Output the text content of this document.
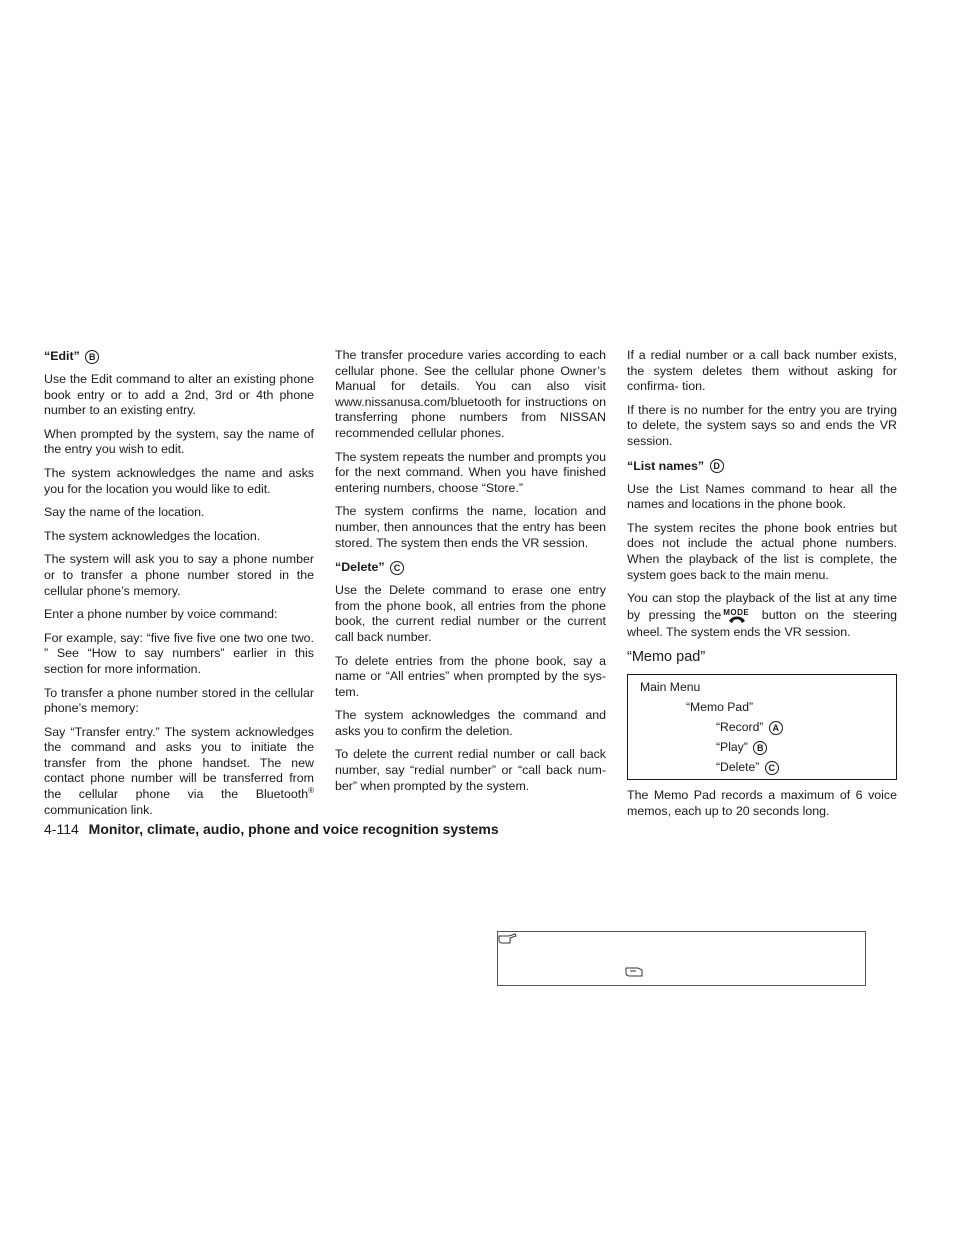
“Edit” B

Use the Edit command to alter an existing phone book entry or to add a 2nd, 3rd or 4th phone number to an existing entry.

When prompted by the system, say the name of the entry you wish to edit.

The system acknowledges the name and asks you for the location you would like to edit.

Say the name of the location.

The system acknowledges the location.

The system will ask you to say a phone number or to transfer a phone number stored in the cellular phone’s memory.

Enter a phone number by voice command:

For example, say: “five five five one two one two. ” See “How to say numbers” earlier in this section for more information.

To transfer a phone number stored in the cellular phone’s memory:

Say “Transfer entry.” The system acknowledges the command and asks you to initiate the transfer from the phone handset. The new contact phone number will be transferred from the cellular phone via the Bluetooth® communication link.

The transfer procedure varies according to each cellular phone. See the cellular phone Owner’s Manual for details. You can also visit www.nissanusa.com/bluetooth for instructions on transferring phone numbers from NISSAN recommended cellular phones.

The system repeats the number and prompts you for the next command. When you have finished entering numbers, choose “Store.”

The system confirms the name, location and number, then announces that the entry has been stored. The system then ends the VR session.

“Delete” C

Use the Delete command to erase one entry from the phone book, all entries from the phone book, the current redial number or the current call back number.

To delete entries from the phone book, say a name or “All entries” when prompted by the sys- tem.

The system acknowledges the command and asks you to confirm the deletion.

To delete the current redial number or call back number, say “redial number” or “call back num- ber” when prompted by the system.

If a redial number or a call back number exists, the system deletes them without asking for confirma- tion.

If there is no number for the entry you are trying to delete, the system says so and ends the VR session.

“List names” D

Use the List Names command to hear all the names and locations in the phone book.

The system recites the phone book entries but does not include the actual phone numbers. When the playback of the list is complete, the system goes back to the main menu.

You can stop the playback of the list at any time by pressing the MODE button on the steering wheel. The system ends the VR session.

“Memo pad”
Main Menu
“Memo Pad”
“Record” A
“Play” B
“Delete” C

The Memo Pad records a maximum of 6 voice memos, each up to 20 seconds long.

4-114 Monitor, climate, audio, phone and voice recognition systems
